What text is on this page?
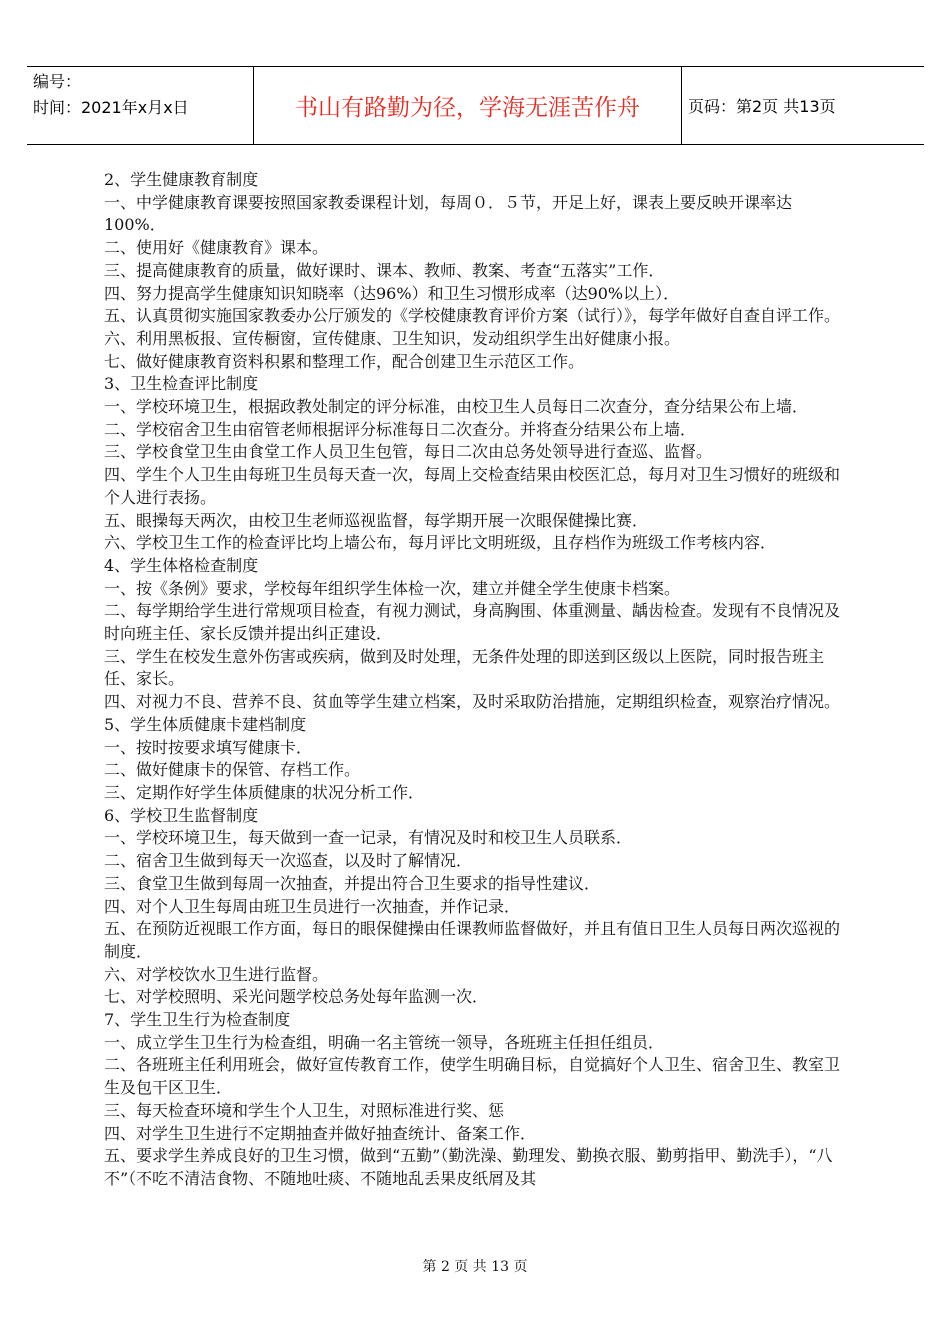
编号：
时间：2021年x月x日	书山有路勤为径，学海无涯苦作舟	页码：第2页 共13页

2、学生健康教育制度

一、中学健康教育课要按照国家教委课程计划，每周０．５节，开足上好，课表上要反映开课率达100%．

二、使用好《健康教育》课本。

三、提高健康教育的质量，做好课时、课本、教师、教案、考查“五落实”工作．

四、努力提高学生健康知识知晓率（达96%）和卫生习惯形成率（达90%以上）．

五、认真贯彻实施国家教委办公厅颁发的《学校健康教育评价方案（试行）》，每学年做好自查自评工作。

六、利用黑板报、宣传橱窗，宣传健康、卫生知识，发动组织学生出好健康小报。

七、做好健康教育资料积累和整理工作，配合创建卫生示范区工作。

3、卫生检查评比制度

一、学校环境卫生，根据政教处制定的评分标准，由校卫生人员每日二次查分，查分结果公布上墙．

二、学校宿舍卫生由宿管老师根据评分标准每日二次查分。并将查分结果公布上墙．

三、学校食堂卫生由食堂工作人员卫生包管，每日二次由总务处领导进行查巡、监督。

四、学生个人卫生由每班卫生员每天查一次，每周上交检查结果由校医汇总，每月对卫生习惯好的班级和个人进行表扬。

五、眼操每天两次，由校卫生老师巡视监督，每学期开展一次眼保健操比赛．

六、学校卫生工作的检查评比均上墙公布，每月评比文明班级，且存档作为班级工作考核内容．

4、学生体格检查制度

一、按《条例》要求，学校每年组织学生体检一次，建立并健全学生使康卡档案。

二、每学期给学生进行常规项目检查，有视力测试，身高胸围、体重测量、龋齿检查。发现有不良情况及时向班主任、家长反馈并提出纠正建设．

三、学生在校发生意外伤害或疾病，做到及时处理，无条件处理的即送到区级以上医院，同时报告班主任、家长。

四、对视力不良、营养不良、贫血等学生建立档案，及时采取防治措施，定期组织检查，观察治疗情况。

5、学生体质健康卡建档制度

一、按时按要求填写健康卡．

二、做好健康卡的保管、存档工作。

三、定期作好学生体质健康的状况分析工作．

6、学校卫生监督制度

一、学校环境卫生，每天做到一查一记录，有情况及时和校卫生人员联系．

二、宿舍卫生做到每天一次巡查，以及时了解情况．

三、食堂卫生做到每周一次抽查，并提出符合卫生要求的指导性建议．

四、对个人卫生每周由班卫生员进行一次抽查，并作记录．

五、在预防近视眼工作方面，每日的眼保健操由任课教师监督做好，并且有值日卫生人员每日两次巡视的制度．

六、对学校饮水卫生进行监督。

七、对学校照明、采光问题学校总务处每年监测一次．

7、学生卫生行为检查制度

一、成立学生卫生行为检查组，明确一名主管统一领导，各班班主任担任组员．

二、各班班主任利用班会，做好宣传教育工作，使学生明确目标，自觉搞好个人卫生、宿舍卫生、教室卫生及包干区卫生．

三、每天检查环境和学生个人卫生，对照标准进行奖、惩

四、对学生卫生进行不定期抽查并做好抽查统计、备案工作．

五、要求学生养成良好的卫生习惯，做到“五勤”（勤洗澡、勤理发、勤换衣服、勤剪指甲、勤洗手），“八不”（不吃不清洁食物、不随地吐痰、不随地乱丢果皮纸屑及其

第 2 页 共 13 页
